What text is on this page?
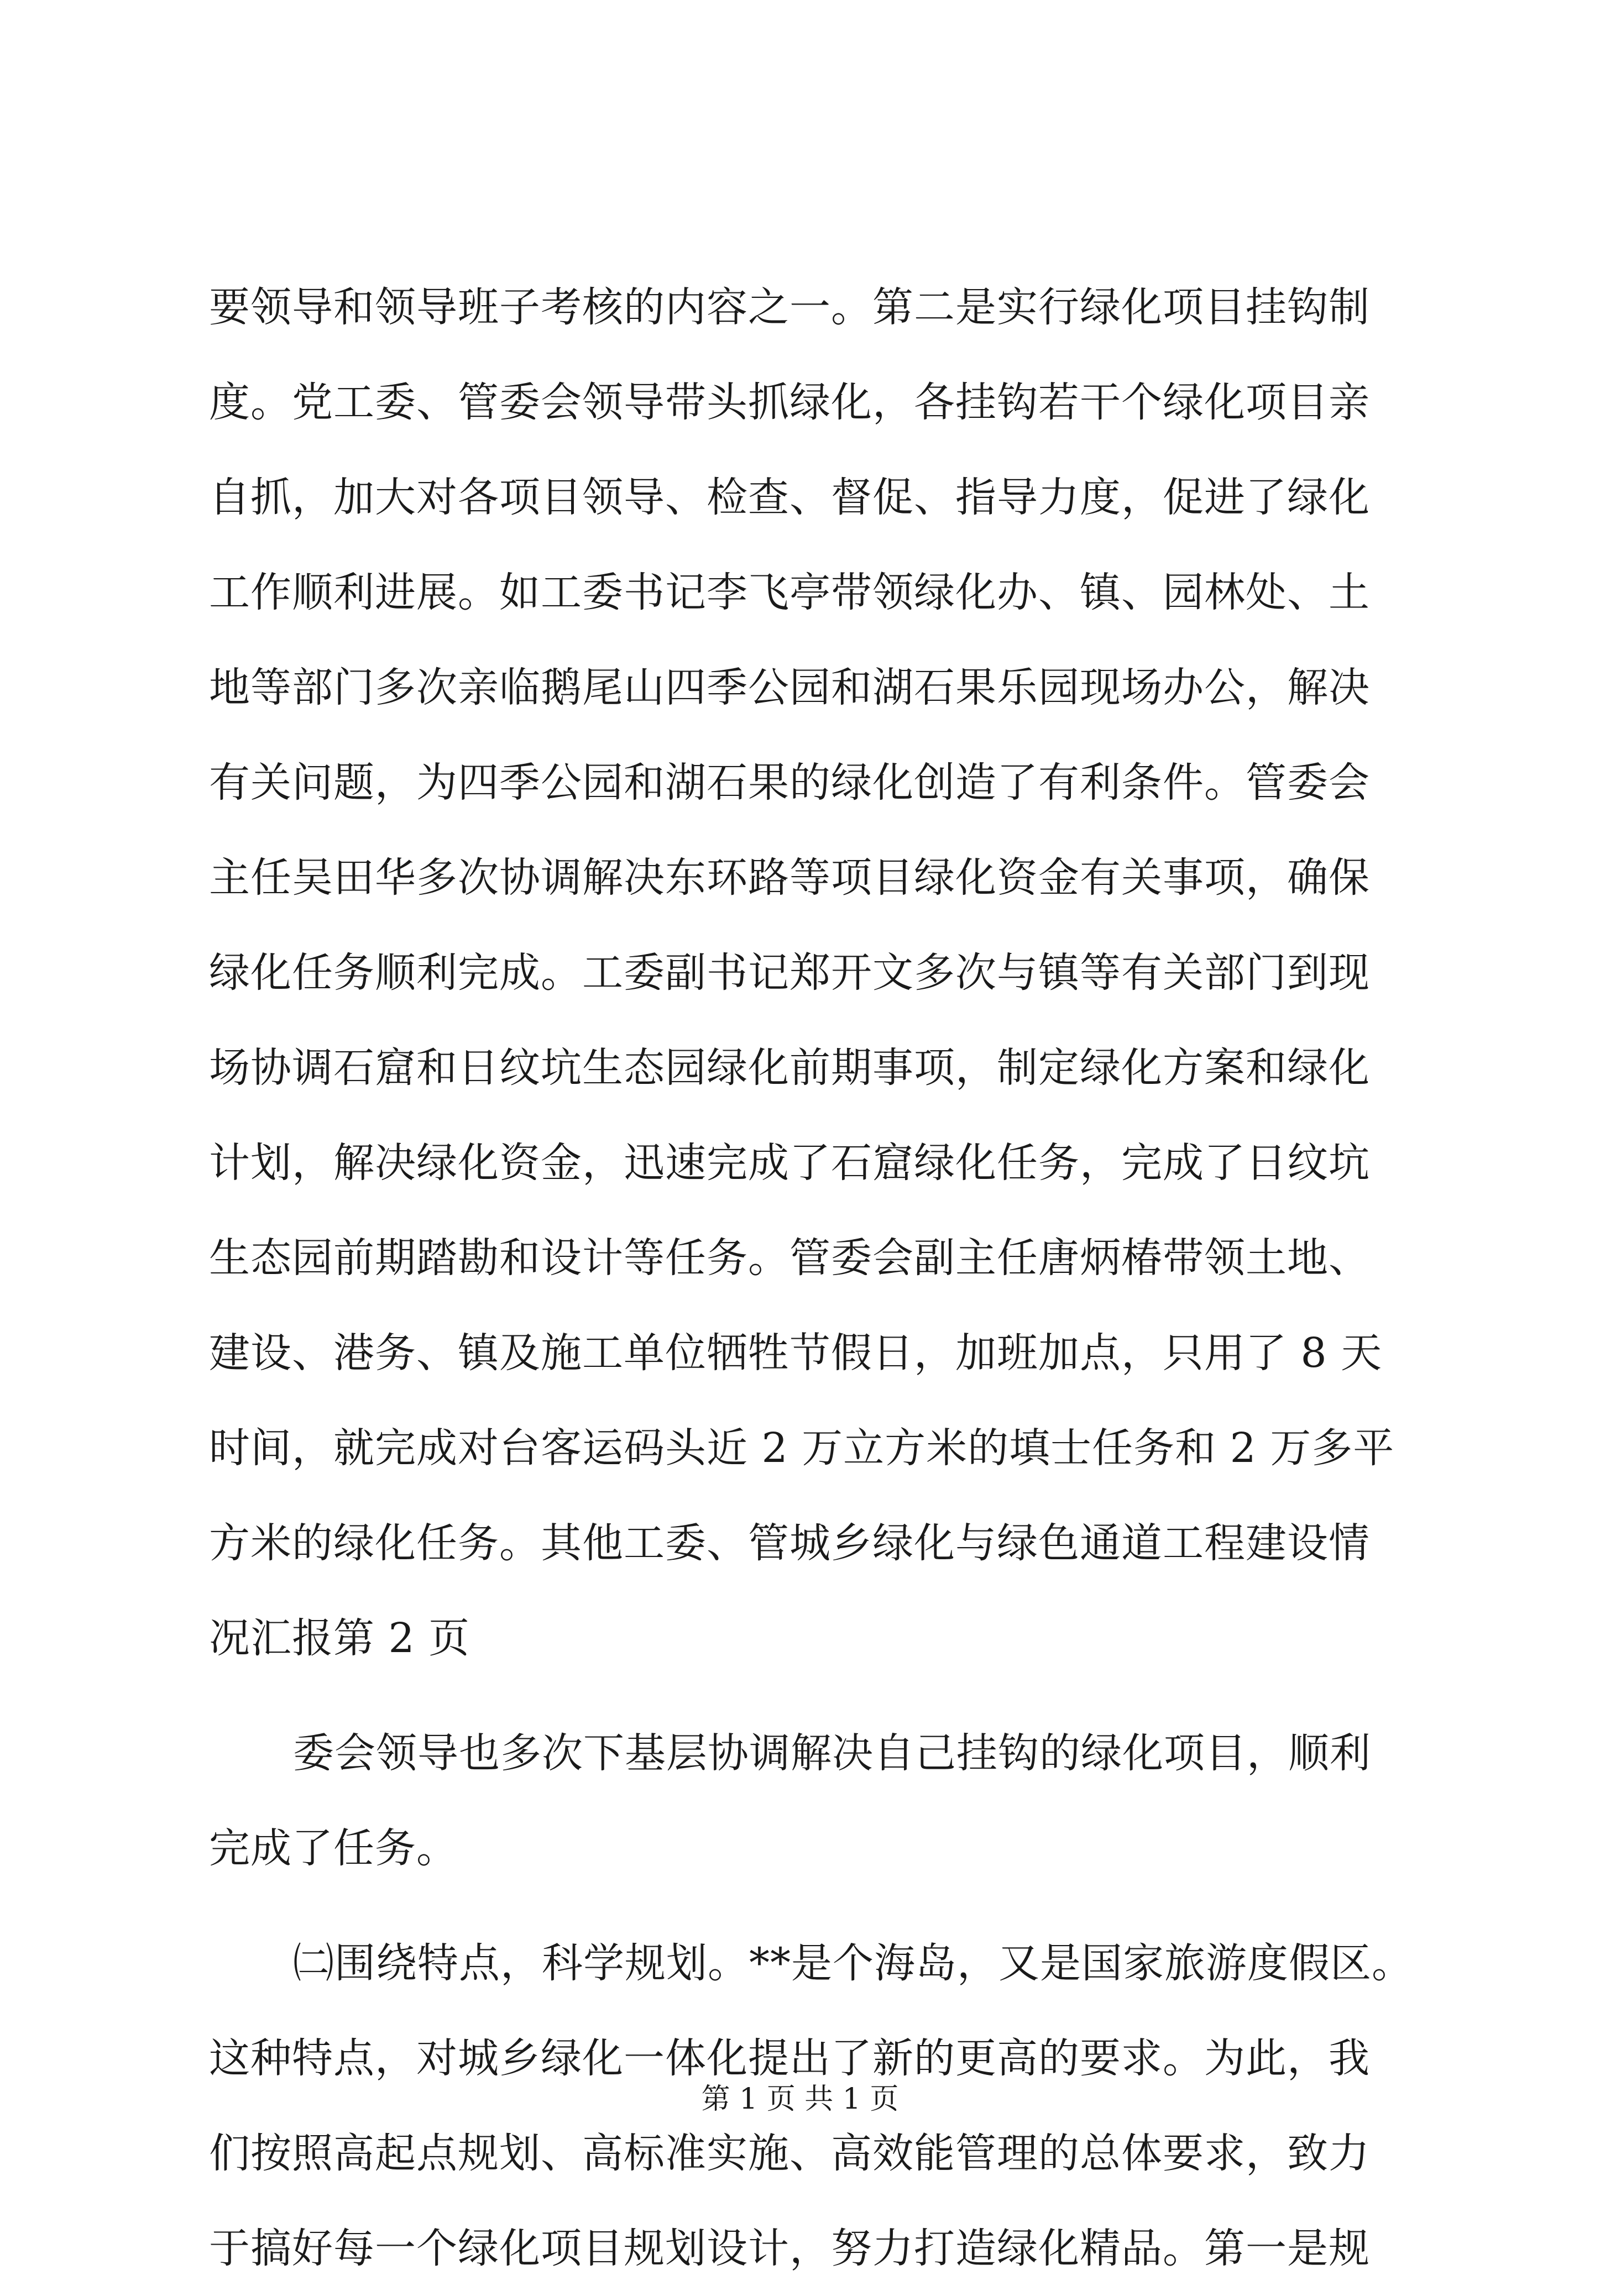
要领导和领导班子考核的内容之一。第二是实行绿化项目挂钩制
度。党工委、管委会领导带头抓绿化，各挂钩若干个绿化项目亲
自抓，加大对各项目领导、检查、督促、指导力度，促进了绿化
工作顺利进展。如工委书记李飞亭带领绿化办、镇、园林处、土
地等部门多次亲临鹅尾山四季公园和湖石果乐园现场办公，解决
有关问题，为四季公园和湖石果的绿化创造了有利条件。管委会
主任吴田华多次协调解决东环路等项目绿化资金有关事项，确保
绿化任务顺利完成。工委副书记郑开文多次与镇等有关部门到现
场协调石窟和日纹坑生态园绿化前期事项，制定绿化方案和绿化
计划，解决绿化资金，迅速完成了石窟绿化任务，完成了日纹坑
生态园前期踏勘和设计等任务。管委会副主任唐炳椿带领土地、
建设、港务、镇及施工单位牺牲节假日，加班加点，只用了 8 天
时间，就完成对台客运码头近 2 万立方米的填士任务和 2 万多平
方米的绿化任务。其他工委、管城乡绿化与绿色通道工程建设情
况汇报第 2 页
委会领导也多次下基层协调解决自己挂钩的绿化项目，顺利
完成了任务。
㈡围绕特点，科学规划。**是个海岛，又是国家旅游度假区。
这种特点，对城乡绿化一体化提出了新的更高的要求。为此，我
们按照高起点规划、高标准实施、高效能管理的总体要求，致力
于搞好每一个绿化项目规划设计，努力打造绿化精品。第一是规
第 1 页 共 1 页
